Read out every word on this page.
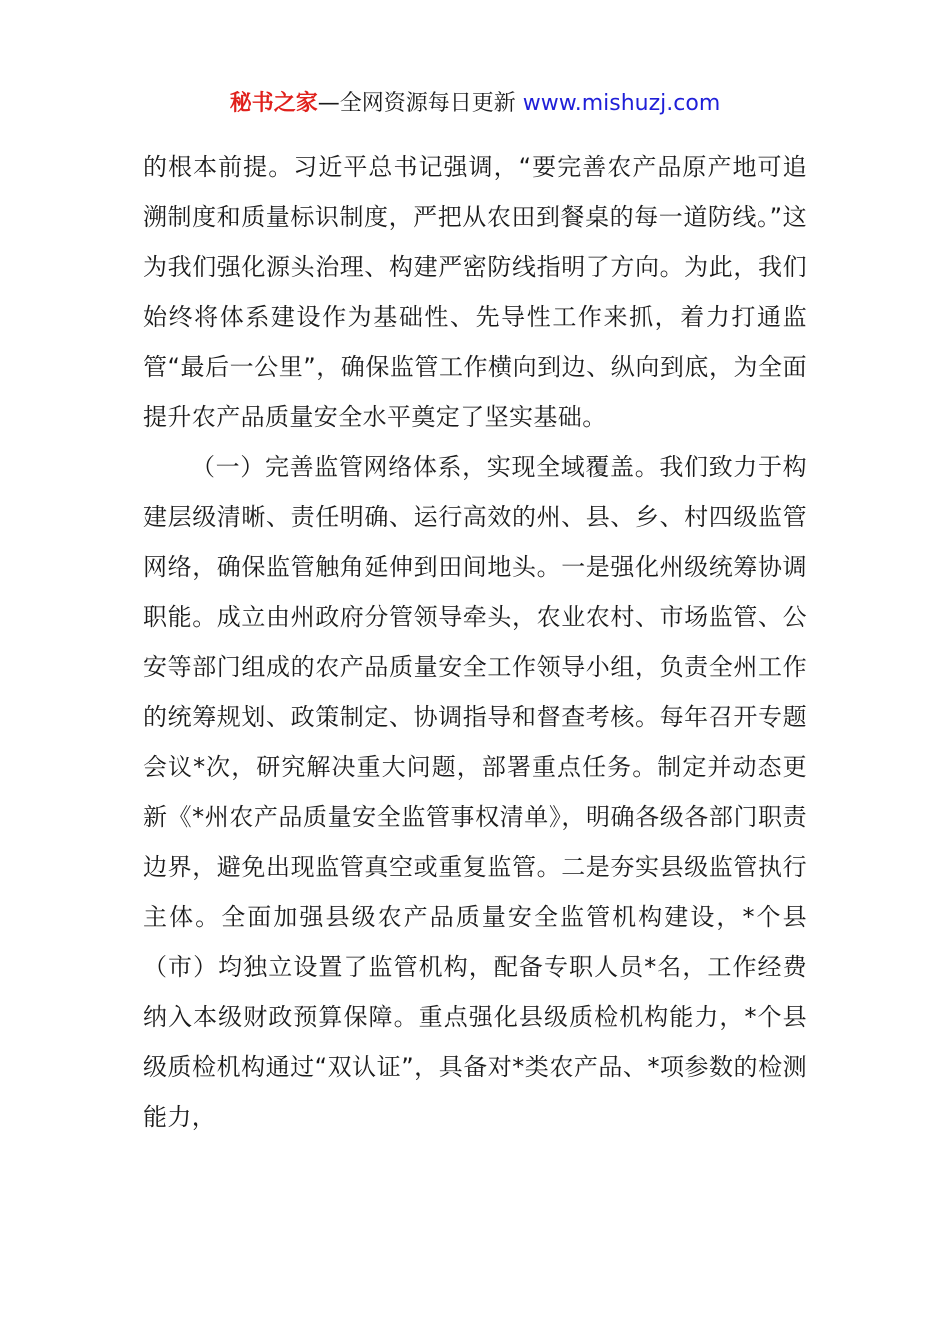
秘书之家—全网资源每日更新 www.mishuzj.com

的根本前提。习近平总书记强调，“要完善农产品原产地可追溯制度和质量标识制度，严把从农田到餐桌的每一道防线。”这为我们强化源头治理、构建严密防线指明了方向。为此，我们始终将体系建设作为基础性、先导性工作来抓，着力打通监管“最后一公里”，确保监管工作横向到边、纵向到底，为全面提升农产品质量安全水平奠定了坚实基础。

（一）完善监管网络体系，实现全域覆盖。我们致力于构建层级清晰、责任明确、运行高效的州、县、乡、村四级监管网络，确保监管触角延伸到田间地头。一是强化州级统筹协调职能。成立由州政府分管领导牵头，农业农村、市场监管、公安等部门组成的农产品质量安全工作领导小组，负责全州工作的统筹规划、政策制定、协调指导和督查考核。每年召开专题会议*次，研究解决重大问题，部署重点任务。制定并动态更新《*州农产品质量安全监管事权清单》，明确各级各部门职责边界，避免出现监管真空或重复监管。二是夯实县级监管执行主体。全面加强县级农产品质量安全监管机构建设，*个县（市）均独立设置了监管机构，配备专职人员*名，工作经费纳入本级财政预算保障。重点强化县级质检机构能力，*个县级质检机构通过“双认证”，具备对*类农产品、*项参数的检测能力，
